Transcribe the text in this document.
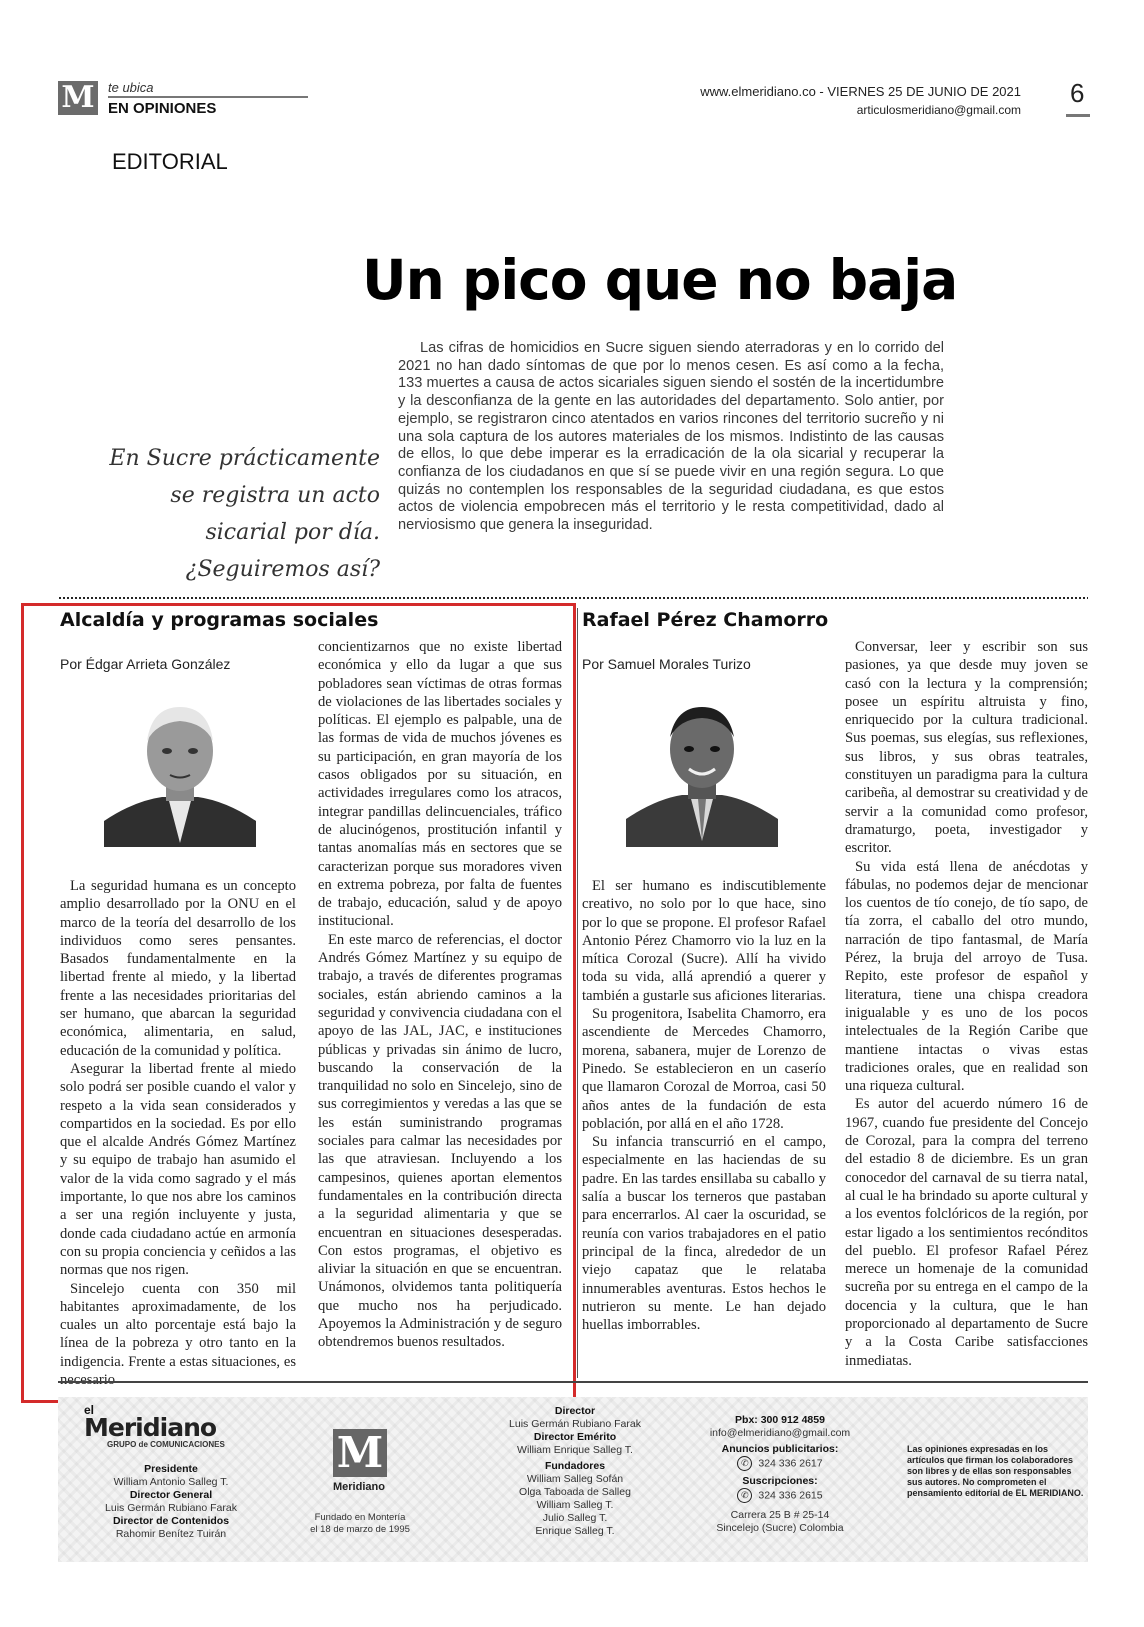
M te ubica
EN OPINIONES
EDITORIAL
www.elmeridiano.co - VIERNES 25 DE JUNIO DE 2021
articulosmeridiano@gmail.com
6
Un pico que no baja
En Sucre prácticamente
se registra un acto
sicarial por día.
¿Seguiremos así?
Las cifras de homicidios en Sucre siguen siendo aterradoras y en lo corrido del 2021 no han dado síntomas de que por lo menos cesen. Es así como a la fecha, 133 muertes a causa de actos sicariales siguen siendo el sostén de la incertidumbre y la desconfianza de la gente en las autoridades del departamento. Solo antier, por ejemplo, se registraron cinco atentados en varios rincones del territorio sucreño y ni una sola captura de los autores materiales de los mismos. Indistinto de las causas de ellos, lo que debe imperar es la erradicación de la ola sicarial y recuperar la confianza de los ciudadanos en que sí se puede vivir en una región segura. Lo que quizás no contemplen los responsables de la seguridad ciudadana, es que estos actos de violencia empobrecen más el territorio y le resta competitividad, dado al nerviosismo que genera la inseguridad.
Alcaldía y programas sociales
Por Édgar Arrieta González

La seguridad humana es un concepto amplio desarrollado por la ONU en el marco de la teoría del desarrollo de los individuos como seres pensantes. Basados fundamentalmente en la libertad frente al miedo, y la libertad frente a las necesidades prioritarias del ser humano, que abarcan la seguridad económica, alimentaria, en salud, educación de la comunidad y política.

Asegurar la libertad frente al miedo solo podrá ser posible cuando el valor y respeto a la vida sean considerados y compartidos en la sociedad. Es por ello que el alcalde Andrés Gómez Martínez y su equipo de trabajo han asumido el valor de la vida como sagrado y el más importante, lo que nos abre los caminos a ser una región incluyente y justa, donde cada ciudadano actúe en armonía con su propia conciencia y ceñidos a las normas que nos rigen.

Sincelejo cuenta con 350 mil habitantes aproximadamente, de los cuales un alto porcentaje está bajo la línea de la pobreza y otro tanto en la indigencia. Frente a estas situaciones, es

concientizarnos que no existe libertad económica y ello da lugar a que sus pobladores sean víctimas de otras formas de violaciones de las libertades sociales y políticas. El ejemplo es palpable, una de las formas de vida de muchos jóvenes es su participación, en gran mayoría de los casos obligados por su situación, en actividades irregulares como los atracos, integrar pandillas delincuenciales, tráfico de alucinógenos, prostitución infantil y tantas anomalías más en sectores que se caracterizan porque sus moradores viven en extrema pobreza, por falta de fuentes de trabajo, educación, salud y de apoyo institucional.

En este marco de referencias, el doctor Andrés Gómez Martínez y su equipo de trabajo, a través de diferentes programas sociales, están abriendo caminos a la seguridad y convivencia ciudadana con el apoyo de las JAL, JAC, e instituciones públicas y privadas sin ánimo de lucro, buscando la conservación de la tranquilidad no solo en Sincelejo, sino de sus corregimientos y veredas a las que se les están suministrando programas sociales para calmar las necesidades por las que atraviesan. Incluyendo a los campesinos, quienes aportan elementos fundamentales en la contribución directa a la seguridad alimentaria y que se encuentran en situaciones desesperadas. Con estos programas, el objetivo es aliviar la situación en que se encuentran. Unámonos, olvidemos tanta politiquería que mucho nos ha perjudicado. Apoyemos la Administración y de seguro obtendremos buenos resultados.

Rafael Pérez Chamorro
Por Samuel Morales Turizo

El ser humano es indiscutiblemente creativo, no solo por lo que hace, sino por lo que se propone. El profesor Rafael Antonio Pérez Chamorro vio la luz en la mítica Corozal (Sucre). Allí ha vivido toda su vida, allá aprendió a querer y también a gustarle sus aficiones literarias.

Su progenitora, Isabelita Chamorro, era ascendiente de Mercedes Chamorro, morena, sabanera, mujer de Lorenzo de Pinedo. Se establecieron en un caserío que llamaron Corozal de Morroa, casi 50 años antes de la fundación de esta población, por allá en el año 1728.

Su infancia transcurrió en el campo, especialmente en las haciendas de su padre. En las tardes ensillaba su caballo y salía a buscar los terneros que pastaban para encerrarlos. Al caer la oscuridad, se reunía con varios trabajadores en el patio principal de la finca, alrededor de un viejo capataz que le relataba innumerables aventuras. Estos hechos le nutrieron su mente. Le han dejado huellas imborrables.

Conversar, leer y escribir son sus pasiones, ya que desde muy joven se casó con la lectura y la comprensión; posee un espíritu altruista y fino, enriquecido por la cultura tradicional. Sus poemas, sus elegías, sus reflexiones, sus libros, y sus obras teatrales, constituyen un paradigma para la cultura caribeña, al demostrar su creatividad y de servir a la comunidad como profesor, dramaturgo, poeta, investigador y escritor.

Su vida está llena de anécdotas y fábulas, no podemos dejar de mencionar los cuentos de tío conejo, de tío sapo, de tía zorra, el caballo del otro mundo, narración de tipo fantasmal, de María Pérez, la bruja del arroyo de Tusa. Repito, este profesor de español y literatura, tiene una chispa creadora inigualable y es uno de los pocos intelectuales de la Región Caribe que mantiene intactas o vivas estas tradiciones orales, que en realidad son una riqueza cultural.

Es autor del acuerdo número 16 de 1967, cuando fue presidente del Concejo de Corozal, para la compra del terreno del estadio 8 de diciembre. Es un gran conocedor del carnaval de su tierra natal, al cual le ha brindado su aporte cultural y a los eventos folclóricos de la región, por estar ligado a los sentimientos recónditos del pueblo. El profesor Rafael Pérez merece un homenaje de la comunidad sucreña por su entrega en el campo de la docencia y la cultura, que le han proporcionado al departamento de Sucre y a la Costa Caribe satisfacciones inmediatas.

el
Meridiano
GRUPO de COMUNICACIONES
Presidente
William Antonio Salleg T.
Director General
Luis Germán Rubiano Farak
Director de Contenidos
Rahomir Benítez Tuirán
M
Meridiano
Fundado en Montería
el 18 de marzo de 1995
Director
Luis Germán Rubiano Farak
Director Emérito
William Enrique Salleg T.
Fundadores
William Salleg Sofán
Olga Taboada de Salleg
William Salleg T.
Julio Salleg T.
Enrique Salleg T.
Pbx: 300 912 4859
info@elmeridiano@gmail.com
Anuncios publicitarios:
✆ 324 336 2617
Suscripciones:
✆ 324 336 2615
Carrera 25 B # 25-14
Sincelejo (Sucre) Colombia
Las opiniones expresadas en los artículos que firman los colaboradores son libres y de ellas son responsables sus autores. No comprometen el pensamiento editorial de EL MERIDIANO.
